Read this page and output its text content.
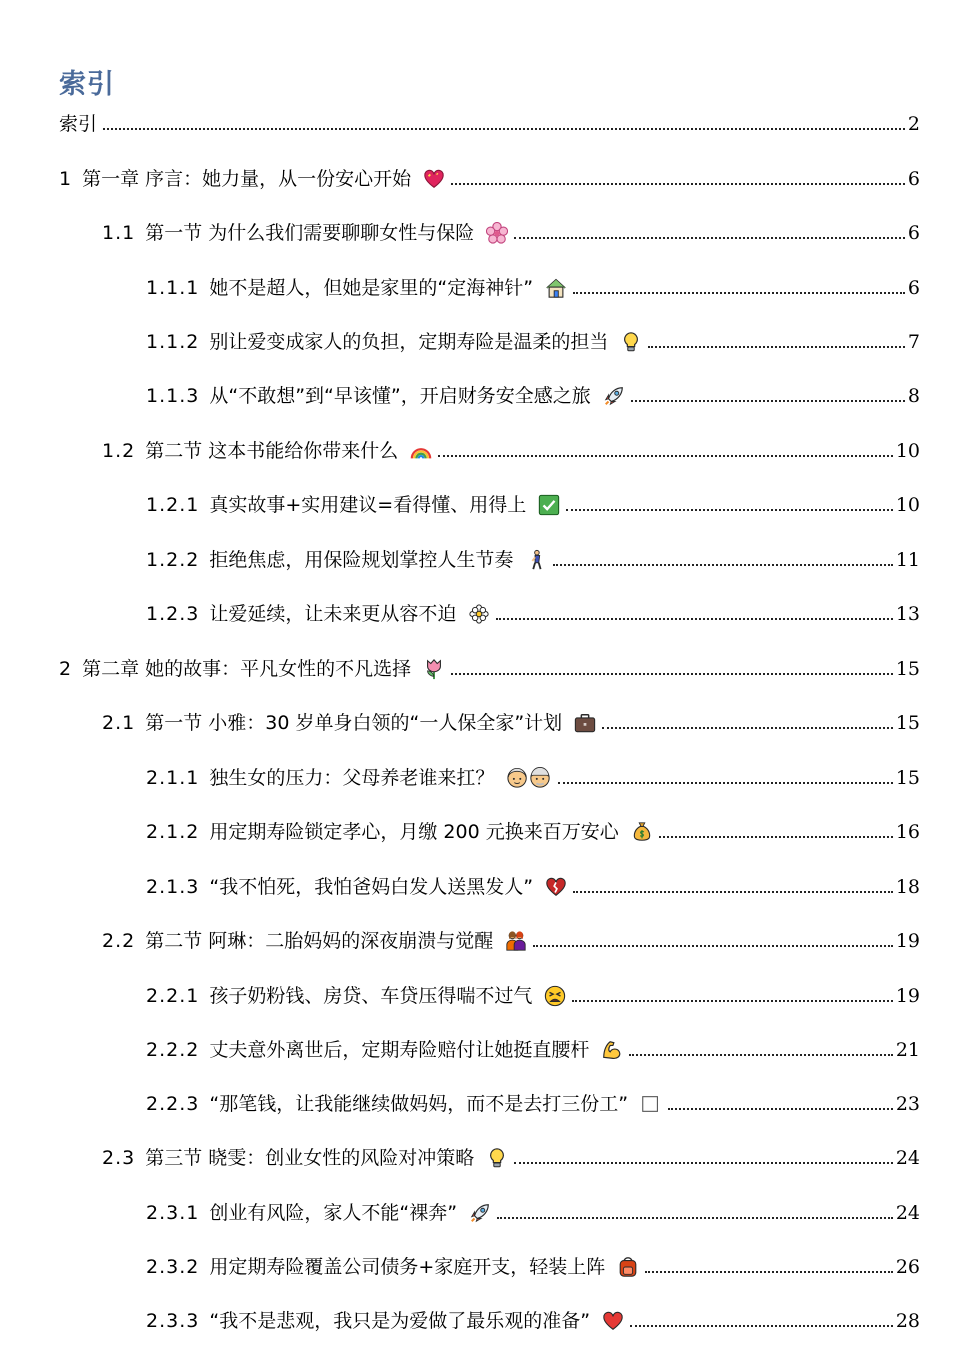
索引
索引	2
1 第一章 序言：她力量，从一份安心开始	6
1.1 第一节 为什么我们需要聊聊女性与保险	6
1.1.1 她不是超人，但她是家里的“定海神针”	6
1.1.2 别让爱变成家人的负担，定期寿险是温柔的担当	7
1.1.3 从“不敢想”到“早该懂”，开启财务安全感之旅	8
1.2 第二节 这本书能给你带来什么	10
1.2.1 真实故事+实用建议=看得懂、用得上	10
1.2.2 拒绝焦虑，用保险规划掌控人生节奏	11
1.2.3 让爱延续，让未来更从容不迫	13
2 第二章 她的故事：平凡女性的不凡选择	15
2.1 第一节 小雅：30 岁单身白领的“一人保全家”计划	15
2.1.1 独生女的压力：父母养老谁来扛？	15
2.1.2 用定期寿险锁定孝心，月缴 200 元换来百万安心	16
2.1.3 “我不怕死，我怕爸妈白发人送黑发人”	18
2.2 第二节 阿琳：二胎妈妈的深夜崩溃与觉醒	19
2.2.1 孩子奶粉钱、房贷、车贷压得喘不过气	19
2.2.2 丈夫意外离世后，定期寿险赔付让她挺直腰杆	21
2.2.3 “那笔钱，让我能继续做妈妈，而不是去打三份工”	23
2.3 第三节 晓雯：创业女性的风险对冲策略	24
2.3.1 创业有风险，家人不能“裸奔”	24
2.3.2 用定期寿险覆盖公司债务+家庭开支，轻装上阵	26
2.3.3 “我不是悲观，我只是为爱做了最乐观的准备”	28
